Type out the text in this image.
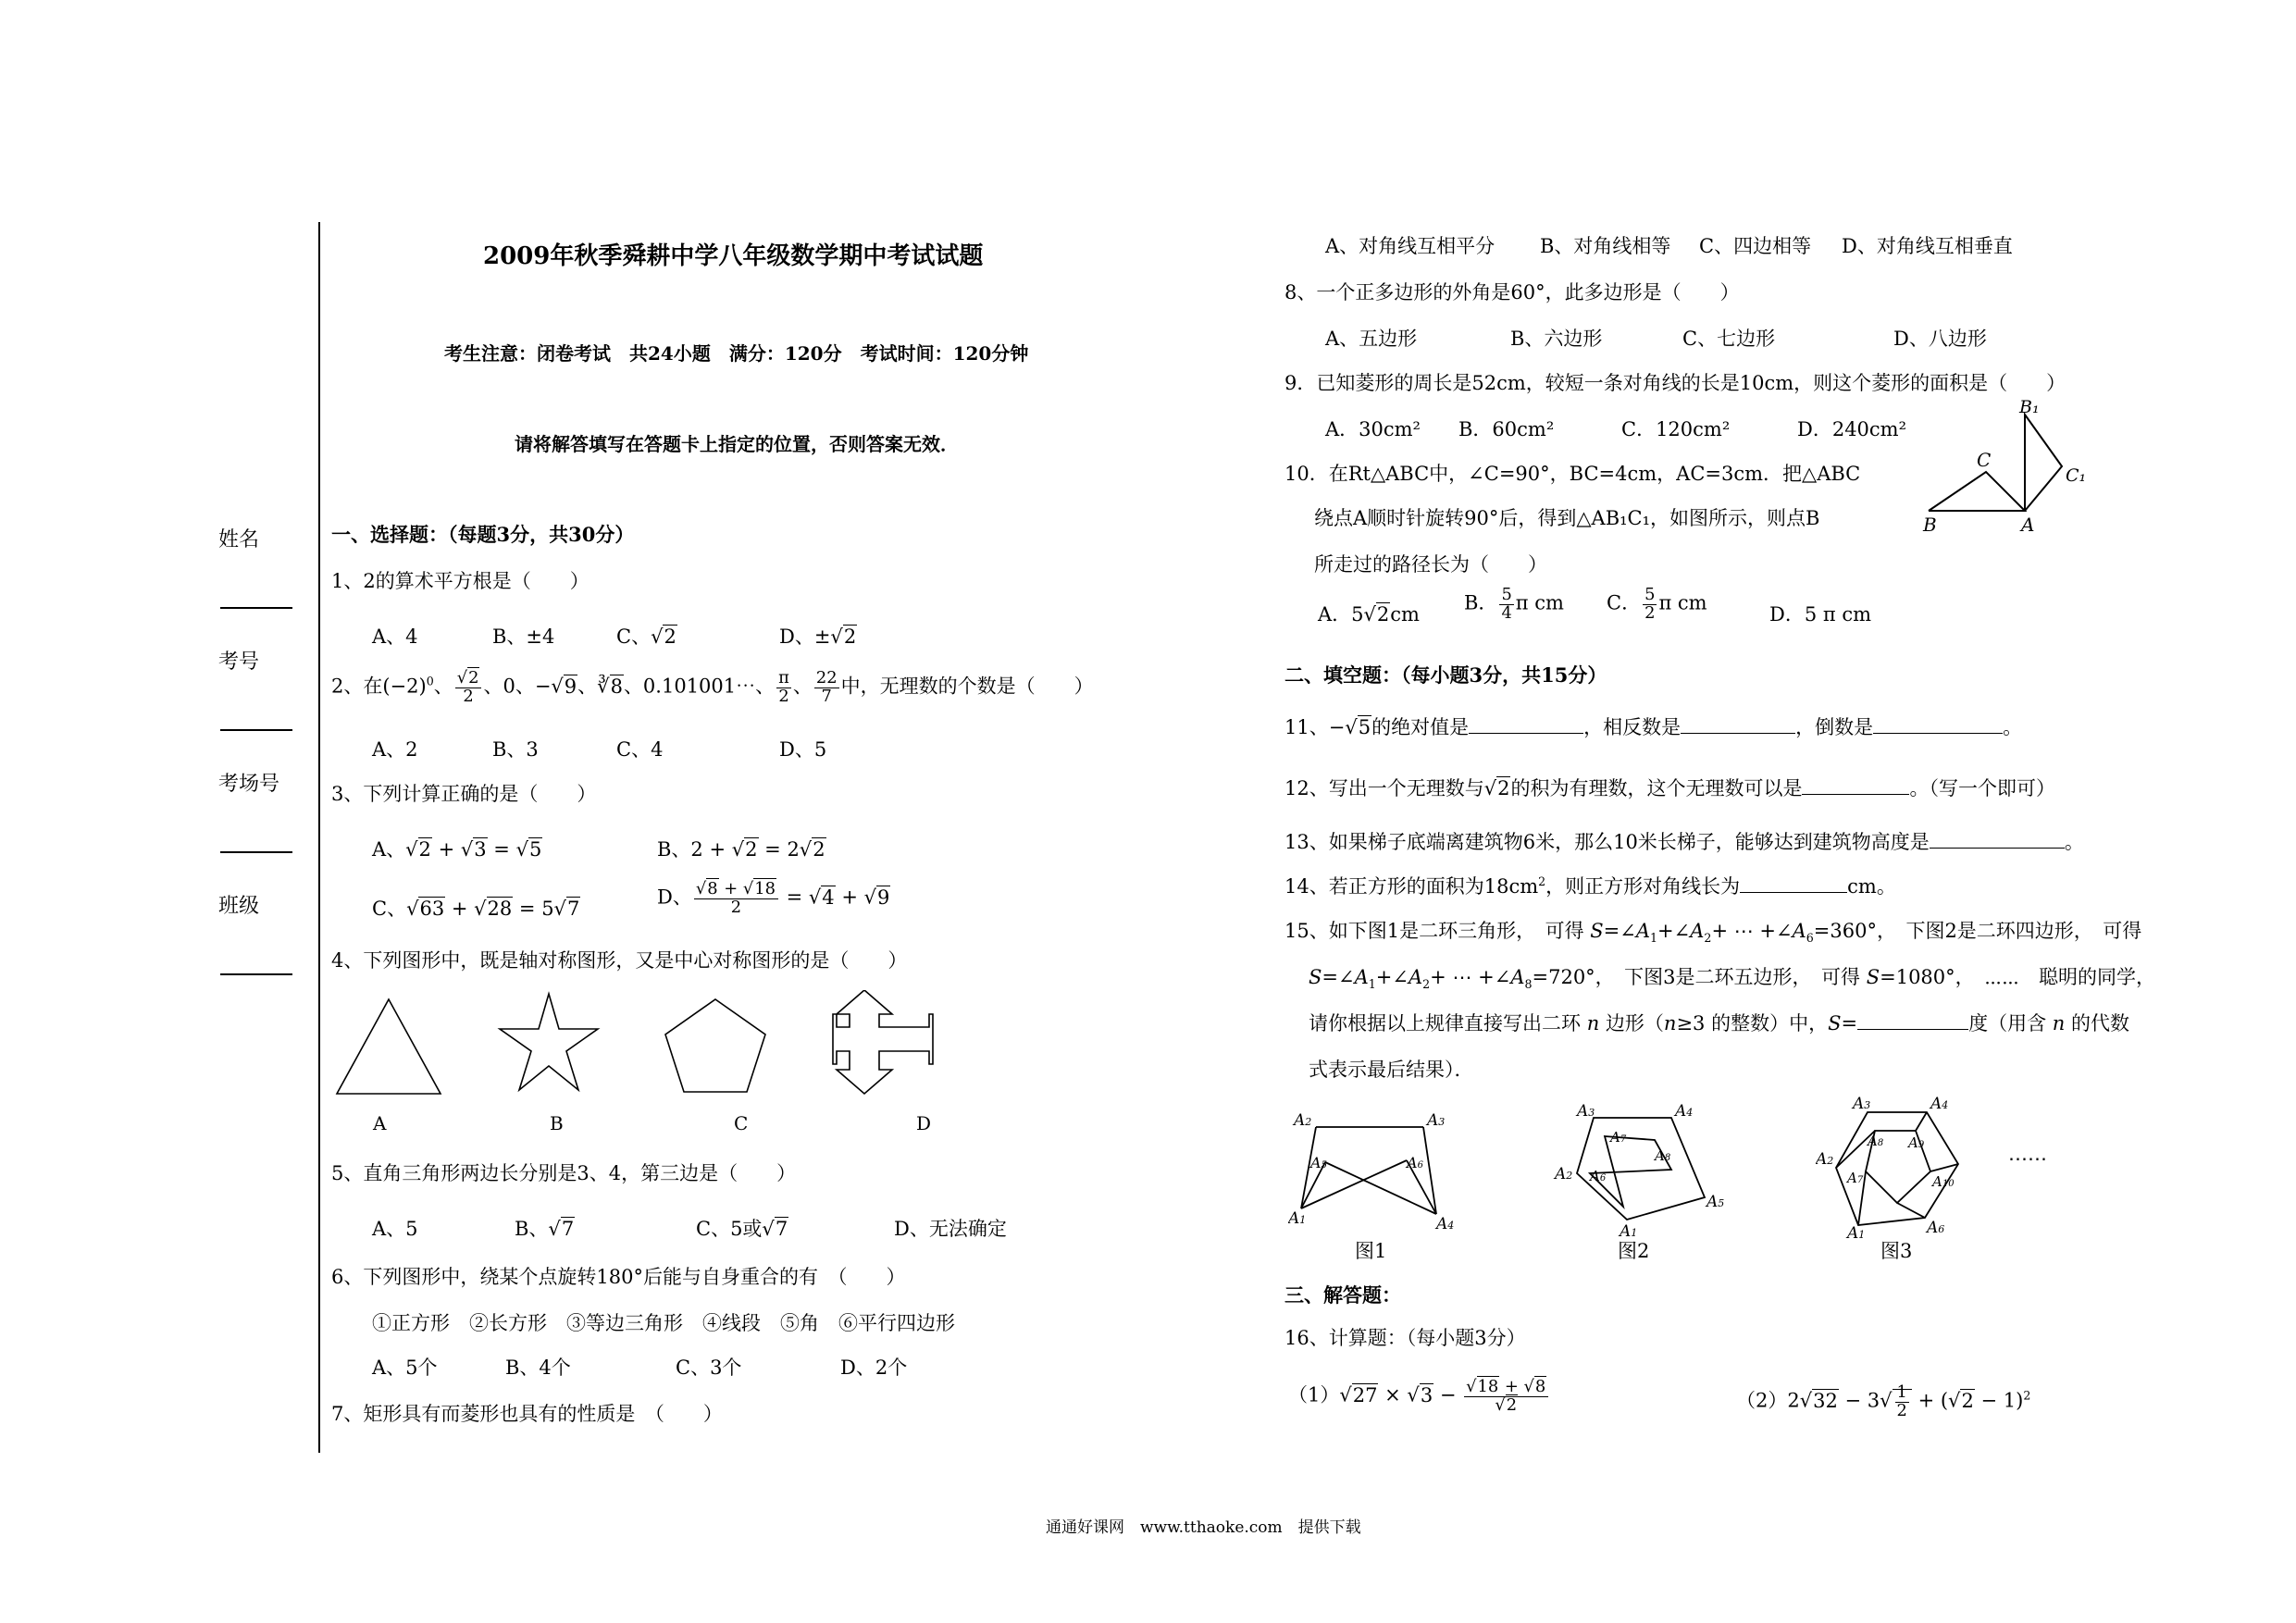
姓名
考号
考场号
班级
2009年秋季舜耕中学八年级数学期中考试试题
考生注意：闭卷考试　共24小题　满分：120分　考试时间：120分钟
请将解答填写在答题卡上指定的位置，否则答案无效．
一、选择题：（每题3分，共30分）
1、2的算术平方根是（　　）
A、4	B、±4	C、√2	D、±√2
2、在$(-2)^0$、 $\frac{√2}{2}$ 、0、−√9、∛8、0.101001⋯、 $\frac{\pi}{2}$ 、 $\frac{22}{7}$ 中，无理数的个数是（　　）
A、2	B、3	C、4	D、5
3、下列计算正确的是（　　）
A、√2 + √3 = √5	B、2 + √2 = 2√2
C、√63 + √28 = 5√7
D、 $\frac{√8 + √18}{2} = √4 + √9$
4、下列图形中，既是轴对称图形，又是中心对称图形的是（　　）
A	B	C	D
5、直角三角形两边长分别是3、4，第三边是（　　）
A、5	B、√7	C、5或√7	D、无法确定
6、下列图形中，绕某个点旋转180°后能与自身重合的有　（　　）
①正方形　②长方形　③等边三角形　④线段　⑤角　⑥平行四边形
A、5个	B、4个	C、3个	D、2个
7、矩形具有而菱形也具有的性质是　（　　）
A、对角线互相平分 B、对角线相等 C、四边相等 D、对角线互相垂直
8、一个正多边形的外角是60°，此多边形是（　　）
A、五边形	B、六边形	C、七边形	D、八边形
9．已知菱形的周长是52cm，较短一条对角线的长是10cm，则这个菱形的面积是（　　）
A．30cm² B．60cm²	C．120cm²	D．240cm²
10．在Rt△ABC中，∠C=90°，BC=4cm，AC=3cm．把△ABC
绕点A顺时针旋转90°后，得到△AB₁C₁，如图所示，则点B
所走过的路径长为（　　）
A．5√2cm
B． $\frac{5}{4}$ π cm C． $\frac{5}{2}$ π cm
D．5 π cm
B
C
A
B₁
C₁
二、填空题：（每小题3分，共15分）
11、−√5的绝对值是	，相反数是	，倒数是	。
12、写出一个无理数与√2的积为有理数，这个无理数可以是	。（写一个即可）
13、如果梯子底端离建筑物6米，那么10米长梯子，能够达到建筑物高度是	。
14、若正方形的面积为$18cm^2$，则正方形对角线长为	cm。
15、如下图1是二环三角形，　可得 $S=\angle A_1+\angle A_2+$ ⋯ $+\angle A_6=360^\circ$，　下图2是二环四边形，　可得
$S=\angle A_1+\angle A_2+$ ⋯ $+\angle A_8=720^\circ$，　下图3是二环五边形，　可得 S=1080°，　⋯⋯　聪明的同学，
请你根据以上规律直接写出二环 n 边形（n≥3 的整数）中，S=	度（用含 n 的代数
式表示最后结果）．
A2	A3
A5	A6
A1	A4
A3	A4
A7
A8
A2 A6
A5
A1
A3	A4
A8 A9
A2
A7	A10
A6
A1
⋯⋯
图1	图2	图3
三、解答题：
16、计算题：（每小题3分）
$(1)√27 \times √3 - \frac{√18 + √8}{√2}$	$(2)2√32 - 3√ \frac{1}{2} + (√2 - 1)^2$
通通好课网　www.tthaoke.com　提供下载
